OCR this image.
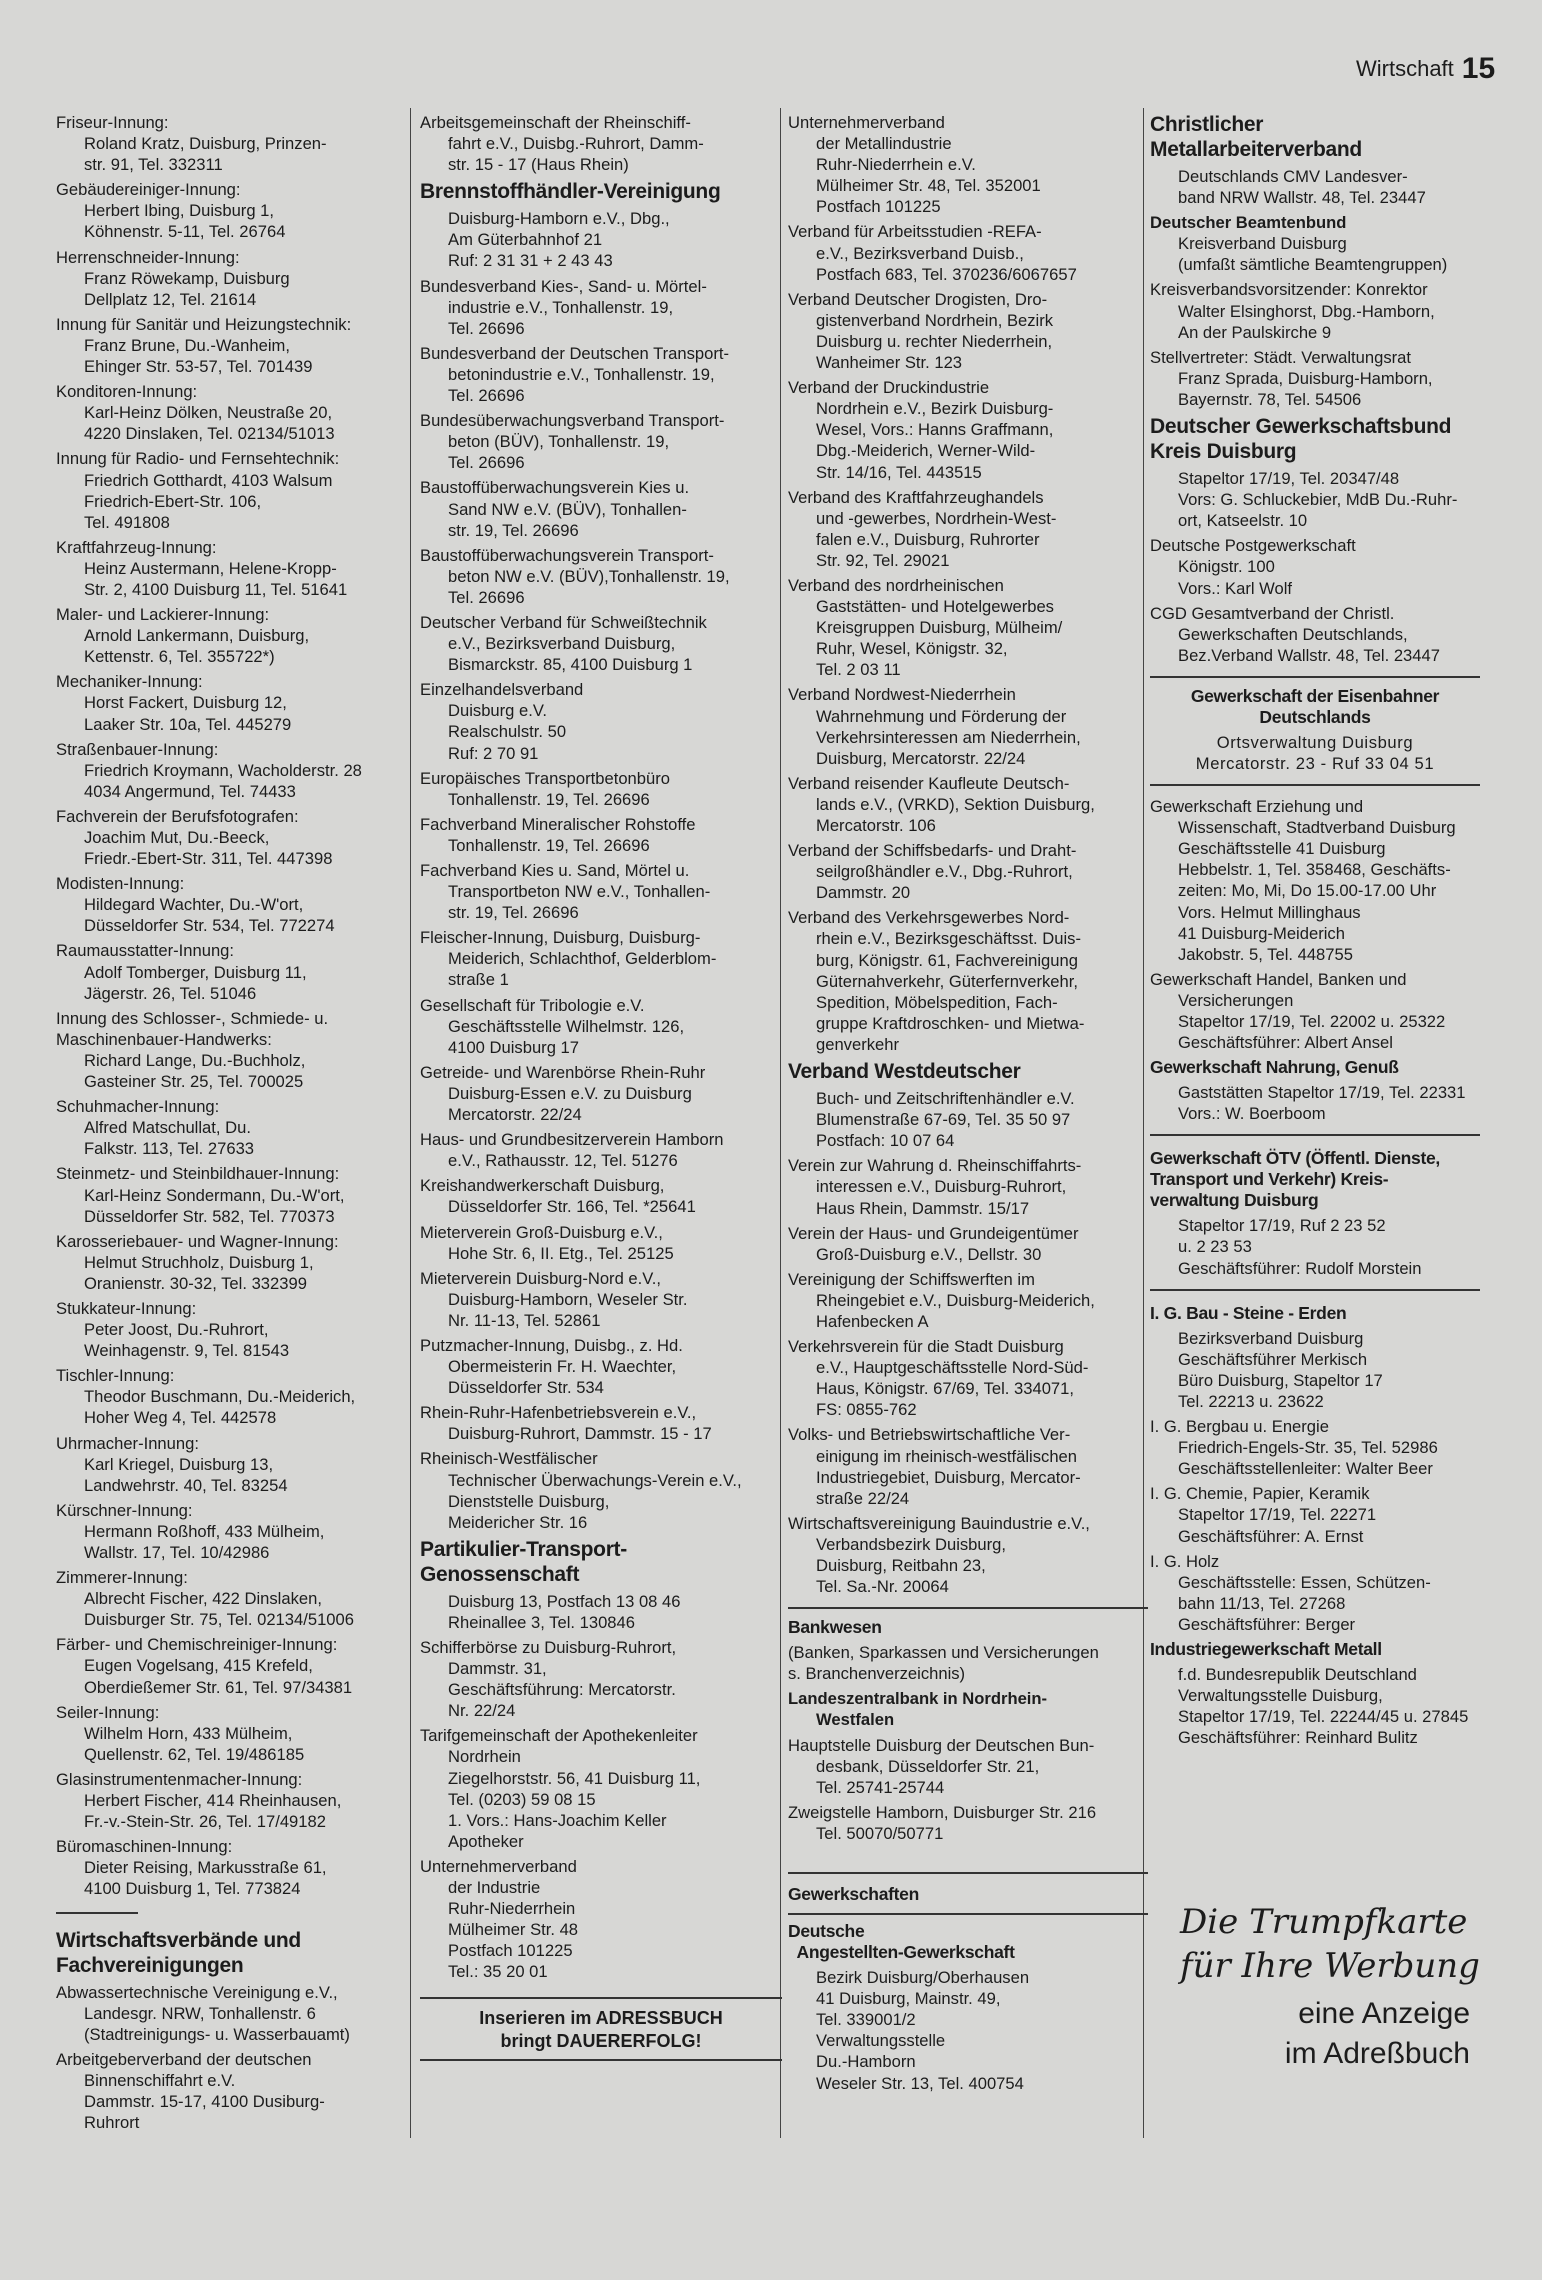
Wirtschaft 15
Friseur-Innung:
Roland Kratz, Duisburg, Prinzen-
str. 91, Tel. 332311
Gebäudereiniger-Innung:
Herbert Ibing, Duisburg 1,
Köhnenstr. 5-11, Tel. 26764
Herrenschneider-Innung:
Franz Röwekamp, Duisburg
Dellplatz 12, Tel. 21614
Innung für Sanitär und Heizungstechnik:
Franz Brune, Du.-Wanheim,
Ehinger Str. 53-57, Tel. 701439
Konditoren-Innung:
Karl-Heinz Dölken, Neustraße 20,
4220 Dinslaken, Tel. 02134/51013
Innung für Radio- und Fernsehtechnik:
Friedrich Gotthardt, 4103 Walsum
Friedrich-Ebert-Str. 106,
Tel. 491808
Kraftfahrzeug-Innung:
Heinz Austermann, Helene-Kropp-
Str. 2, 4100 Duisburg 11, Tel. 51641
Maler- und Lackierer-Innung:
Arnold Lankermann, Duisburg,
Kettenstr. 6, Tel. 355722*)
Mechaniker-Innung:
Horst Fackert, Duisburg 12,
Laaker Str. 10a, Tel. 445279
Straßenbauer-Innung:
Friedrich Kroymann, Wacholderstr. 28
4034 Angermund, Tel. 74433
Fachverein der Berufsfotografen:
Joachim Mut, Du.-Beeck,
Friedr.-Ebert-Str. 311, Tel. 447398
Modisten-Innung:
Hildegard Wachter, Du.-W'ort,
Düsseldorfer Str. 534, Tel. 772274
Raumausstatter-Innung:
Adolf Tomberger, Duisburg 11,
Jägerstr. 26, Tel. 51046
Innung des Schlosser-, Schmiede- u.
Maschinenbauer-Handwerks:
Richard Lange, Du.-Buchholz,
Gasteiner Str. 25, Tel. 700025
Schuhmacher-Innung:
Alfred Matschullat, Du.
Falkstr. 113, Tel. 27633
Steinmetz- und Steinbildhauer-Innung:
Karl-Heinz Sondermann, Du.-W'ort,
Düsseldorfer Str. 582, Tel. 770373
Karosseriebauer- und Wagner-Innung:
Helmut Struchholz, Duisburg 1,
Oranienstr. 30-32, Tel. 332399
Stukkateur-Innung:
Peter Joost, Du.-Ruhrort,
Weinhagenstr. 9, Tel. 81543
Tischler-Innung:
Theodor Buschmann, Du.-Meiderich,
Hoher Weg 4, Tel. 442578
Uhrmacher-Innung:
Karl Kriegel, Duisburg 13,
Landwehrstr. 40, Tel. 83254
Kürschner-Innung:
Hermann Roßhoff, 433 Mülheim,
Wallstr. 17, Tel. 10/42986
Zimmerer-Innung:
Albrecht Fischer, 422 Dinslaken,
Duisburger Str. 75, Tel. 02134/51006
Färber- und Chemischreiniger-Innung:
Eugen Vogelsang, 415 Krefeld,
Oberdießemer Str. 61, Tel. 97/34381
Seiler-Innung:
Wilhelm Horn, 433 Mülheim,
Quellenstr. 62, Tel. 19/486185
Glasinstrumentenmacher-Innung:
Herbert Fischer, 414 Rheinhausen,
Fr.-v.-Stein-Str. 26, Tel. 17/49182
Büromaschinen-Innung:
Dieter Reising, Markusstraße 61,
4100 Duisburg 1, Tel. 773824
Wirtschaftsverbände und
Fachvereinigungen
Abwassertechnische Vereinigung e.V.,
Landesgr. NRW, Tonhallenstr. 6
(Stadtreinigungs- u. Wasserbauamt)
Arbeitgeberverband der deutschen
Binnenschiffahrt e.V.
Dammstr. 15-17, 4100 Dusiburg-
Ruhrort
Arbeitsgemeinschaft der Rheinschiff-
fahrt e.V., Duisbg.-Ruhrort, Damm-
str. 15 - 17 (Haus Rhein)
Brennstoffhändler-Vereinigung
Duisburg-Hamborn e.V., Dbg.,
Am Güterbahnhof 21
Ruf: 2 31 31 + 2 43 43
Bundesverband Kies-, Sand- u. Mörtel-
industrie e.V., Tonhallenstr. 19,
Tel. 26696
Bundesverband der Deutschen Transport-
betonindustrie e.V., Tonhallenstr. 19,
Tel. 26696
Bundesüberwachungsverband Transport-
beton (BÜV), Tonhallenstr. 19,
Tel. 26696
Baustoffüberwachungsverein Kies u.
Sand NW e.V. (BÜV), Tonhallen-
str. 19, Tel. 26696
Baustoffüberwachungsverein Transport-
beton NW e.V. (BÜV),Tonhallenstr. 19,
Tel. 26696
Deutscher Verband für Schweißtechnik
e.V., Bezirksverband Duisburg,
Bismarckstr. 85, 4100 Duisburg 1
Einzelhandelsverband
Duisburg e.V.
Realschulstr. 50
Ruf: 2 70 91
Europäisches Transportbetonbüro
Tonhallenstr. 19, Tel. 26696
Fachverband Mineralischer Rohstoffe
Tonhallenstr. 19, Tel. 26696
Fachverband Kies u. Sand, Mörtel u.
Transportbeton NW e.V., Tonhallen-
str. 19, Tel. 26696
Fleischer-Innung, Duisburg, Duisburg-
Meiderich, Schlachthof, Gelderblom-
straße 1
Gesellschaft für Tribologie e.V.
Geschäftsstelle Wilhelmstr. 126,
4100 Duisburg 17
Getreide- und Warenbörse Rhein-Ruhr
Duisburg-Essen e.V. zu Duisburg
Mercatorstr. 22/24
Haus- und Grundbesitzerverein Hamborn
e.V., Rathausstr. 12, Tel. 51276
Kreishandwerkerschaft Duisburg,
Düsseldorfer Str. 166, Tel. *25641
Mieterverein Groß-Duisburg e.V.,
Hohe Str. 6, II. Etg., Tel. 25125
Mieterverein Duisburg-Nord e.V.,
Duisburg-Hamborn, Weseler Str.
Nr. 11-13, Tel. 52861
Putzmacher-Innung, Duisbg., z. Hd.
Obermeisterin Fr. H. Waechter,
Düsseldorfer Str. 534
Rhein-Ruhr-Hafenbetriebsverein e.V.,
Duisburg-Ruhrort, Dammstr. 15 - 17
Rheinisch-Westfälischer
Technischer Überwachungs-Verein e.V.,
Dienststelle Duisburg,
Meidericher Str. 16
Partikulier-Transport-Genossenschaft
Duisburg 13, Postfach 13 08 46
Rheinallee 3, Tel. 130846
Schifferbörse zu Duisburg-Ruhrort,
Dammstr. 31,
Geschäftsführung: Mercatorstr.
Nr. 22/24
Tarifgemeinschaft der Apothekenleiter
Nordrhein
Ziegelhorststr. 56, 41 Duisburg 11,
Tel. (0203) 59 08 15
1. Vors.: Hans-Joachim Keller
Apotheker
Unternehmerverband
der Industrie
Ruhr-Niederrhein
Mülheimer Str. 48
Postfach 101225
Tel.: 35 20 01
Inserieren im ADRESSBUCH
bringt DAUERERFOLG!
Unternehmerverband
der Metallindustrie
Ruhr-Niederrhein e.V.
Mülheimer Str. 48, Tel. 352001
Postfach 101225
Verband für Arbeitsstudien -REFA-
e.V., Bezirksverband Duisb.,
Postfach 683, Tel. 370236/6067657
Verband Deutscher Drogisten, Dro-
gistenverband Nordrhein, Bezirk
Duisburg u. rechter Niederrhein,
Wanheimer Str. 123
Verband der Druckindustrie
Nordrhein e.V., Bezirk Duisburg-
Wesel, Vors.: Hanns Graffmann,
Dbg.-Meiderich, Werner-Wild-
Str. 14/16, Tel. 443515
Verband des Kraftfahrzeughandels
und -gewerbes, Nordrhein-West-
falen e.V., Duisburg, Ruhrorter
Str. 92, Tel. 29021
Verband des nordrheinischen
Gaststätten- und Hotelgewerbes
Kreisgruppen Duisburg, Mülheim/
Ruhr, Wesel, Königstr. 32,
Tel. 2 03 11
Verband Nordwest-Niederrhein
Wahrnehmung und Förderung der
Verkehrsinteressen am Niederrhein,
Duisburg, Mercatorstr. 22/24
Verband reisender Kaufleute Deutsch-
lands e.V., (VRKD), Sektion Duisburg,
Mercatorstr. 106
Verband der Schiffsbedarfs- und Draht-
seilgroßhändler e.V., Dbg.-Ruhrort,
Dammstr. 20
Verband des Verkehrsgewerbes Nord-
rhein e.V., Bezirksgeschäftsst. Duis-
burg, Königstr. 61, Fachvereinigung
Güternahverkehr, Güterfernverkehr,
Spedition, Möbelspedition, Fach-
gruppe Kraftdroschken- und Mietwa-
genverkehr
Verband Westdeutscher
Buch- und Zeitschriftenhändler e.V.
Blumenstraße 67-69, Tel. 35 50 97
Postfach: 10 07 64
Verein zur Wahrung d. Rheinschiffahrts-
interessen e.V., Duisburg-Ruhrort,
Haus Rhein, Dammstr. 15/17
Verein der Haus- und Grundeigentümer
Groß-Duisburg e.V., Dellstr. 30
Vereinigung der Schiffswerften im
Rheingebiet e.V., Duisburg-Meiderich,
Hafenbecken A
Verkehrsverein für die Stadt Duisburg
e.V., Hauptgeschäftsstelle Nord-Süd-
Haus, Königstr. 67/69, Tel. 334071,
FS: 0855-762
Volks- und Betriebswirtschaftliche Ver-
einigung im rheinisch-westfälischen
Industriegebiet, Duisburg, Mercator-
straße 22/24
Wirtschaftsvereinigung Bauindustrie e.V.,
Verbandsbezirk Duisburg,
Duisburg, Reitbahn 23,
Tel. Sa.-Nr. 20064
Bankwesen
(Banken, Sparkassen und Versicherungen
s. Branchenverzeichnis)
Landeszentralbank in Nordrhein-
Westfalen
Hauptstelle Duisburg der Deutschen Bun-
desbank, Düsseldorfer Str. 21,
Tel. 25741-25744
Zweigstelle Hamborn, Duisburger Str. 216
Tel. 50070/50771
Gewerkschaften
Deutsche
Angestellten-Gewerkschaft
Bezirk Duisburg/Oberhausen
41 Duisburg, Mainstr. 49,
Tel. 339001/2
Verwaltungsstelle
Du.-Hamborn
Weseler Str. 13, Tel. 400754
Christlicher Metallarbeiterverband
Deutschlands CMV Landesver-
band NRW Wallstr. 48, Tel. 23447
Deutscher Beamtenbund
Kreisverband Duisburg
(umfaßt sämtliche Beamtengruppen)
Kreisverbandsvorsitzender: Konrektor
Walter Elsinghorst, Dbg.-Hamborn,
An der Paulskirche 9
Stellvertreter: Städt. Verwaltungsrat
Franz Sprada, Duisburg-Hamborn,
Bayernstr. 78, Tel. 54506
Deutscher Gewerkschaftsbund
Kreis Duisburg
Stapeltor 17/19, Tel. 20347/48
Vors: G. Schluckebier, MdB Du.-Ruhr-
ort, Katseelstr. 10
Deutsche Postgewerkschaft
Königstr. 100
Vors.: Karl Wolf
CGD Gesamtverband der Christl.
Gewerkschaften Deutschlands,
Bez.Verband Wallstr. 48, Tel. 23447
Gewerkschaft der Eisenbahner
Deutschlands
Ortsverwaltung Duisburg
Mercatorstr. 23 - Ruf 33 04 51
Gewerkschaft Erziehung und
Wissenschaft, Stadtverband Duisburg
Geschäftsstelle 41 Duisburg
Hebbelstr. 1, Tel. 358468, Geschäfts-
zeiten: Mo, Mi, Do 15.00-17.00 Uhr
Vors. Helmut Millinghaus
41 Duisburg-Meiderich
Jakobstr. 5, Tel. 448755
Gewerkschaft Handel, Banken und
Versicherungen
Stapeltor 17/19, Tel. 22002 u. 25322
Geschäftsführer: Albert Ansel
Gewerkschaft Nahrung, Genuß
Gaststätten Stapeltor 17/19, Tel. 22331
Vors.: W. Boerboom
Gewerkschaft ÖTV (Öffentl. Dienste,
Transport und Verkehr) Kreis-
verwaltung Duisburg
Stapeltor 17/19, Ruf 2 23 52
u. 2 23 53
Geschäftsführer: Rudolf Morstein
I. G. Bau - Steine - Erden
Bezirksverband Duisburg
Geschäftsführer Merkisch
Büro Duisburg, Stapeltor 17
Tel. 22213 u. 23622
I. G. Bergbau u. Energie
Friedrich-Engels-Str. 35, Tel. 52986
Geschäftsstellenleiter: Walter Beer
I. G. Chemie, Papier, Keramik
Stapeltor 17/19, Tel. 22271
Geschäftsführer: A. Ernst
I. G. Holz
Geschäftsstelle: Essen, Schützen-
bahn 11/13, Tel. 27268
Geschäftsführer: Berger
Industriegewerkschaft Metall
f.d. Bundesrepublik Deutschland
Verwaltungsstelle Duisburg,
Stapeltor 17/19, Tel. 22244/45 u. 27845
Geschäftsführer: Reinhard Bulitz
Die Trumpfkarte
für Ihre Werbung
eine Anzeige
im Adreßbuch
